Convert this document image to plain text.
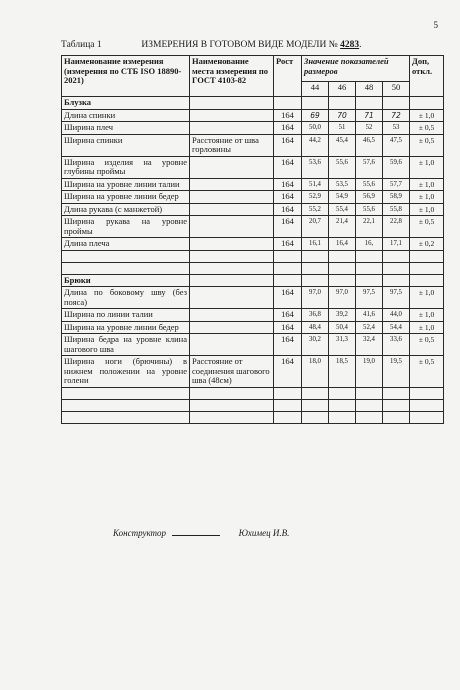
5
Таблица 1	ИЗМЕРЕНИЯ В ГОТОВОМ ВИДЕ МОДЕЛИ № 4283.
Наименование измерения (измерения по СТБ ISO 18890-2021)	Наименование места измерения по ГОСТ 4103-82	Рост	Значение показателей размеров				Доп, откл.
			44	46	48	50	
Блузка							
Длина спинки		164	69	70	71	72	± 1,0
Ширина плеч		164	50,0	51	52	53	± 0,5
Ширина спинки	Расстояние от шва горловины	164	44,2	45,4	46,5	47,5	± 0,5
Ширина изделия на уровне глубины проймы		164	53,6	55,6	57,6	59,6	± 1,0
Ширина на уровне линии талии		164	51,4	53,5	55,6	57,7	± 1,0
Ширина на уровне линии бедер		164	52,9	54,9	56,9	58,9	± 1,0
Длина рукава (с манжетой)		164	55,2	55,4	55,6	55,8	± 1,0
Ширина рукава на уровне проймы		164	20,7	21,4	22,1	22,8	± 0,5
Длина плеча		164	16,1	16,4	16,	17,1	± 0,2

Брюки							
Длина по боковому шву (без пояса)		164	97,0	97,0	97,5	97,5	± 1,0
Ширина по линии талии		164	36,8	39,2	41,6	44,0	± 1,0
Ширина на уровне линии бедер		164	48,4	50,4	52,4	54,4	± 1,0
Ширина бедра на уровне клина шагового шва		164	30,2	31,3	32,4	33,6	± 0,5
Ширина ноги (брючины) в нижнем положении на уровне голени	Расстояние от соединения шагового шва (48см)	164	18,0	18,5	19,0	19,5	± 0,5

Конструктор	Юхимец И.В.
